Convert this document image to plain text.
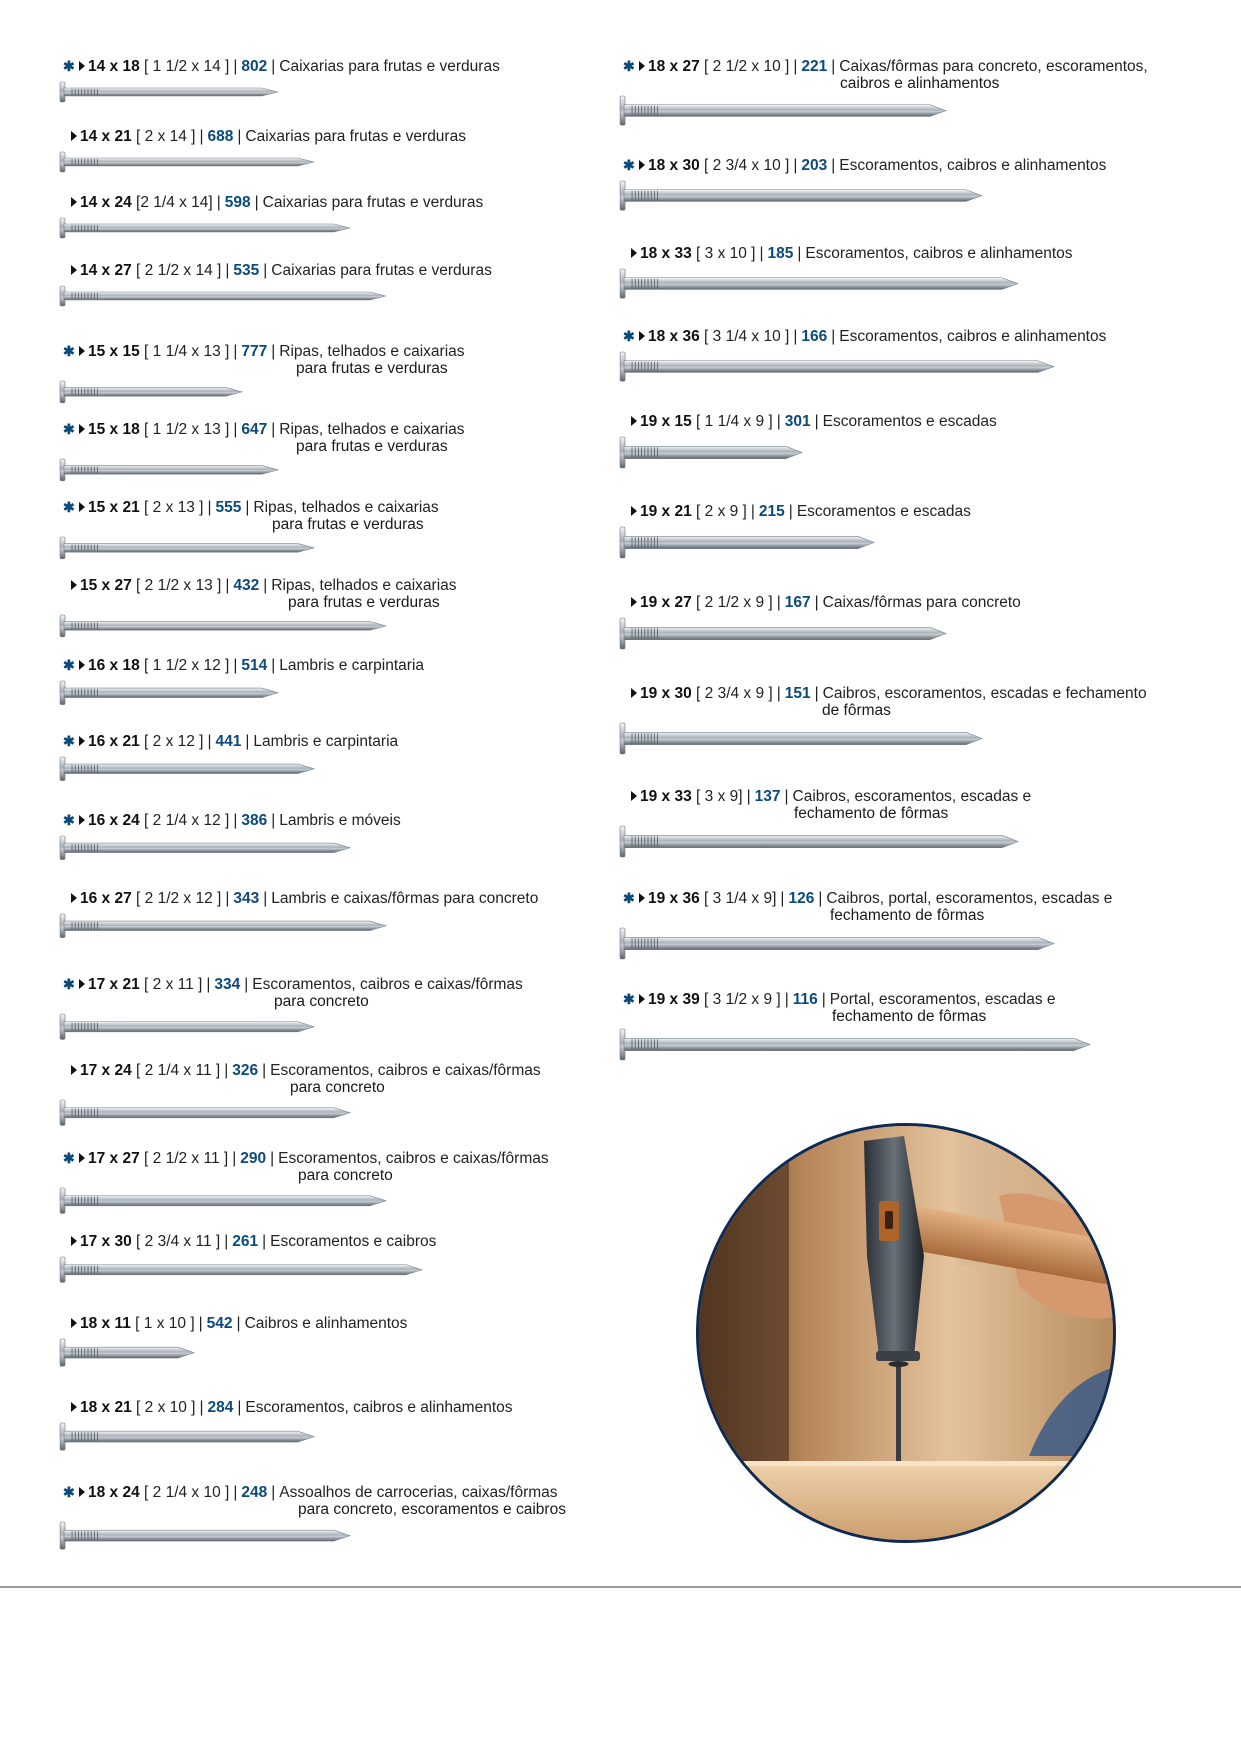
✱ 14 x 18 [ 1 1/2 x 14 ] | 802 | Caixarias para frutas e verduras
14 x 21 [ 2 x 14 ] | 688 | Caixarias para frutas e verduras
14 x 24 [2 1/4 x 14] | 598 | Caixarias para frutas e verduras
14 x 27 [ 2 1/2 x 14 ] | 535 | Caixarias para frutas e verduras
✱ 15 x 15 [ 1 1/4 x 13 ] | 777 | Ripas, telhados e caixarias
para frutas e verduras
✱ 15 x 18 [ 1 1/2 x 13 ] | 647 | Ripas, telhados e caixarias
para frutas e verduras
✱ 15 x 21 [ 2 x 13 ] | 555 | Ripas, telhados e caixarias
para frutas e verduras
15 x 27 [ 2 1/2 x 13 ] | 432 | Ripas, telhados e caixarias
para frutas e verduras
✱ 16 x 18 [ 1 1/2 x 12 ] | 514 | Lambris e carpintaria
✱ 16 x 21 [ 2 x 12 ] | 441 | Lambris e carpintaria
✱ 16 x 24 [ 2 1/4 x 12 ] | 386 | Lambris e móveis
16 x 27 [ 2 1/2 x 12 ] | 343 | Lambris e caixas/fôrmas para concreto
✱ 17 x 21 [ 2 x 11 ] | 334 | Escoramentos, caibros e caixas/fôrmas
para concreto
17 x 24 [ 2 1/4 x 11 ] | 326 | Escoramentos, caibros e caixas/fôrmas
para concreto
✱ 17 x 27 [ 2 1/2 x 11 ] | 290 | Escoramentos, caibros e caixas/fôrmas
para concreto
17 x 30 [ 2 3/4 x 11 ] | 261 | Escoramentos e caibros
18 x 11 [ 1 x 10 ] | 542 | Caibros e alinhamentos
18 x 21 [ 2 x 10 ] | 284 | Escoramentos, caibros e alinhamentos
✱ 18 x 24 [ 2 1/4 x 10 ] | 248 | Assoalhos de carrocerias, caixas/fôrmas
para concreto, escoramentos e caibros
✱ 18 x 27 [ 2 1/2 x 10 ] | 221 | Caixas/fôrmas para concreto, escoramentos,
caibros e alinhamentos
✱ 18 x 30 [ 2 3/4 x 10 ] | 203 | Escoramentos, caibros e alinhamentos
18 x 33 [ 3 x 10 ] | 185 | Escoramentos, caibros e alinhamentos
✱ 18 x 36 [ 3 1/4 x 10 ] | 166 | Escoramentos, caibros e alinhamentos
19 x 15 [ 1 1/4 x 9 ] | 301 | Escoramentos e escadas
19 x 21 [ 2 x 9 ] | 215 | Escoramentos e escadas
19 x 27 [ 2 1/2 x 9 ] | 167 | Caixas/fôrmas para concreto
19 x 30 [ 2 3/4 x 9 ] | 151 | Caibros, escoramentos, escadas e fechamento
de fôrmas
19 x 33 [ 3 x 9] | 137 | Caibros, escoramentos, escadas e
fechamento de fôrmas
✱ 19 x 36 [ 3 1/4 x 9] | 126 | Caibros, portal, escoramentos, escadas e
fechamento de fôrmas
✱ 19 x 39 [ 3 1/2 x 9 ] | 116 | Portal, escoramentos, escadas e
fechamento de fôrmas
